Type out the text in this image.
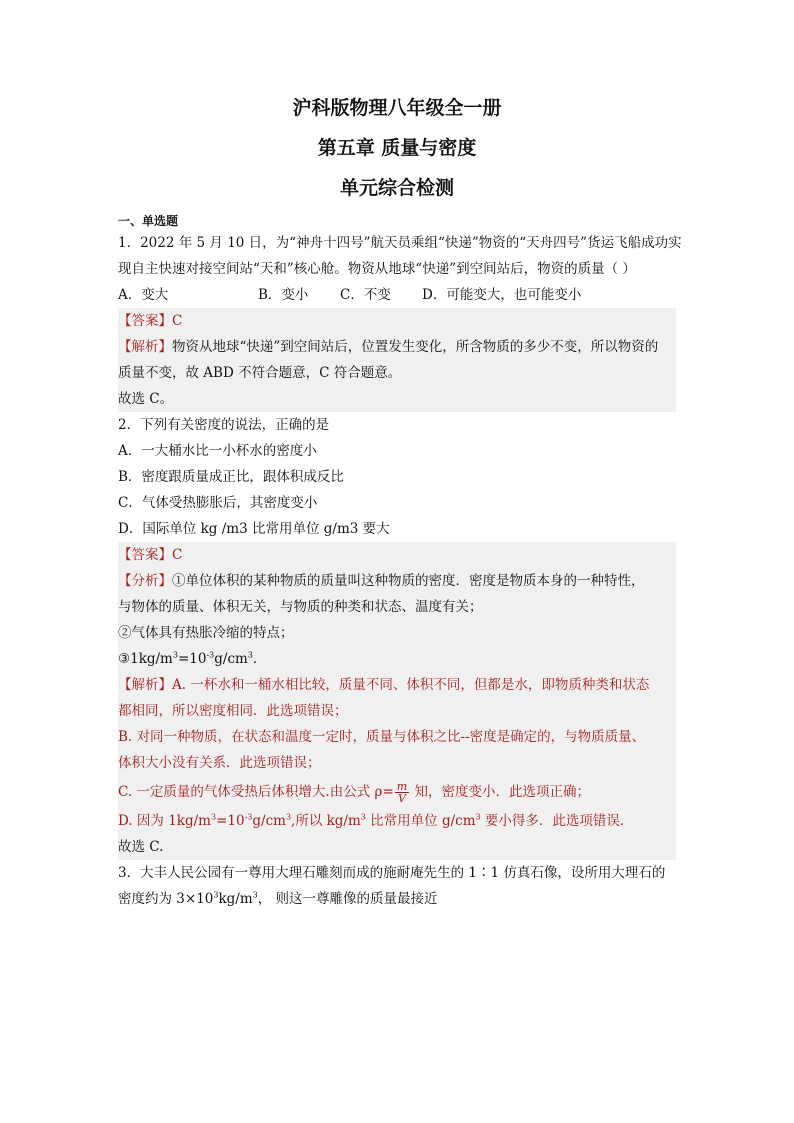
沪科版物理八年级全一册
第五章 质量与密度
单元综合检测
一、单选题
1．2022 年 5 月 10 日，为“神舟十四号”航天员乘组“快递”物资的“天舟四号”货运飞船成功实
现自主快速对接空间站“天和”核心舱。物资从地球“快递”到空间站后，物资的质量（ ）
A．变大	B．变小	C．不变	D．可能变大，也可能变小
【答案】C
【解析】物资从地球“快递”到空间站后，位置发生变化，所含物质的多少不变，所以物资的
质量不变，故 ABD 不符合题意，C 符合题意。
故选 C。
2．下列有关密度的说法，正确的是
A．一大桶水比一小杯水的密度小
B．密度跟质量成正比，跟体积成反比
C．气体受热膨胀后，其密度变小
D．国际单位 kg /m3 比常用单位 g/m3 要大
【答案】C
【分析】①单位体积的某种物质的质量叫这种物质的密度．密度是物质本身的一种特性，
与物体的质量、体积无关，与物质的种类和状态、温度有关；
②气体具有热胀冷缩的特点；
$③1kg/m^3=10^{-3}g/cm^3$．
【解析】A. 一杯水和一桶水相比较，质量不同、体积不同，但都是水，即物质种类和状态
都相同，所以密度相同．此选项错误；
B. 对同一种物质，在状态和温度一定时，质量与体积之比--密度是确定的，与物质质量、
体积大小没有关系．此选项错误；
C. 一定质量的气体受热后体积增大.由公式 $\rho= \frac{m}{V}$ 知，密度变小．此选项正确；
D. 因为 $1kg/m^3=10^{-3}g/cm^3$,所以 $kg/m^3$ 比常用单位 $g/cm^3$ 要小得多．此选项错误．
故选 C.
3．大丰人民公园有一尊用大理石雕刻而成的施耐庵先生的 1∶1 仿真石像，设所用大理石的
密度约为 $3\times 10^3kg/m^3$， 则这一尊雕像的质量最接近
